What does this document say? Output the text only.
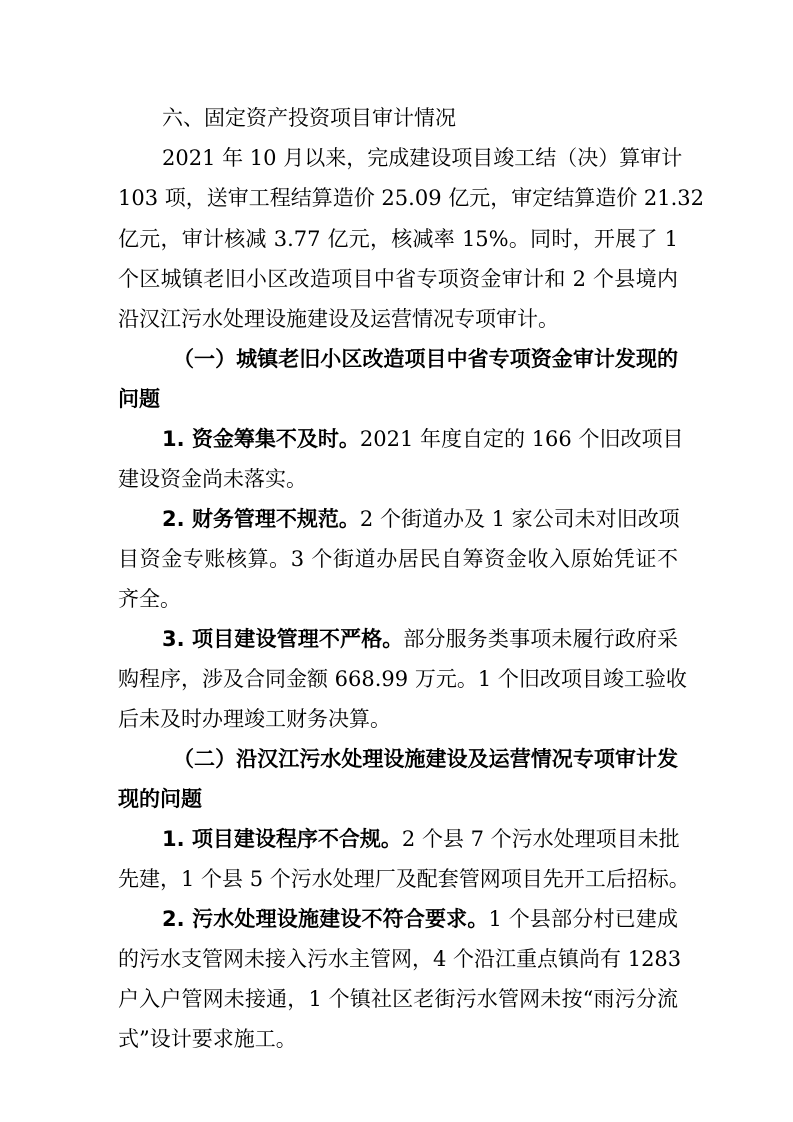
六、固定资产投资项目审计情况
2021 年 10 月以来，完成建设项目竣工结（决）算审计
103 项，送审工程结算造价 25.09 亿元，审定结算造价 21.32
亿元，审计核减 3.77 亿元，核减率 15%。同时，开展了 1
个区城镇老旧小区改造项目中省专项资金审计和 2 个县境内
沿汉江污水处理设施建设及运营情况专项审计。
（一）城镇老旧小区改造项目中省专项资金审计发现的
问题
1. 资金筹集不及时。2021 年度自定的 166 个旧改项目
建设资金尚未落实。
2. 财务管理不规范。2 个街道办及 1 家公司未对旧改项
目资金专账核算。3 个街道办居民自筹资金收入原始凭证不
齐全。
3. 项目建设管理不严格。部分服务类事项未履行政府采
购程序，涉及合同金额 668.99 万元。1 个旧改项目竣工验收
后未及时办理竣工财务决算。
（二）沿汉江污水处理设施建设及运营情况专项审计发
现的问题
1. 项目建设程序不合规。2 个县 7 个污水处理项目未批
先建，1 个县 5 个污水处理厂及配套管网项目先开工后招标。
2. 污水处理设施建设不符合要求。1 个县部分村已建成
的污水支管网未接入污水主管网，4 个沿江重点镇尚有 1283
户入户管网未接通，1 个镇社区老街污水管网未按“雨污分流
式”设计要求施工。
